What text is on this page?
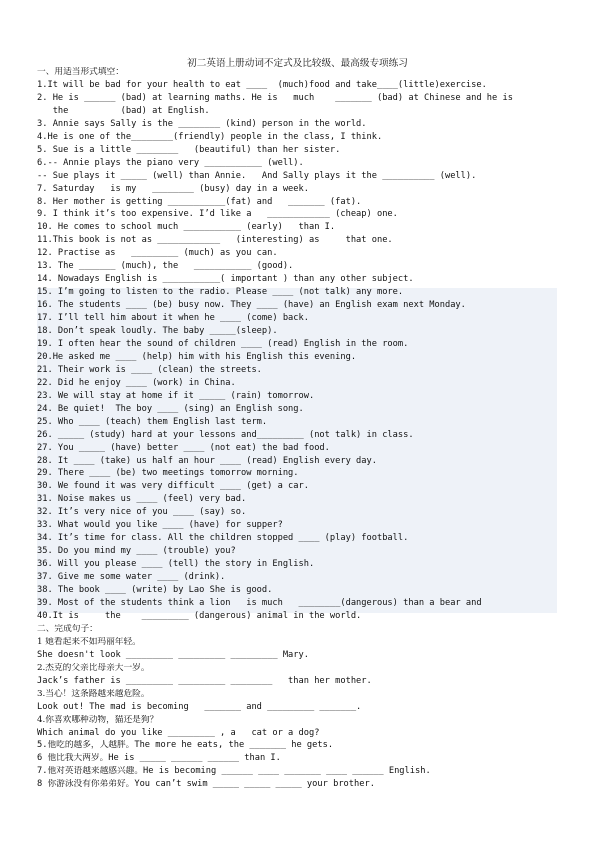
初二英语上册动词不定式及比较级、最高级专项练习
一、用适当形式填空：
1.It will be bad for your health to eat ____  (much)food and take____(little)exercise.
2. He is ______ (bad) at learning maths. He is   much    _______ (bad) at Chinese and he is
the          (bad) at English.
3. Annie says Sally is the ________ (kind) person in the world.
4.He is one of the________(friendly) people in the class, I think.
5. Sue is a little ________   (beautiful) than her sister.
6.-- Annie plays the piano very ___________ (well).
-- Sue plays it _____ (well) than Annie.   And Sally plays it the __________ (well).
7. Saturday   is my   ________ (busy) day in a week.
8. Her mother is getting ___________(fat) and   _______ (fat).
9. I think it’s too expensive. I’d like a   ____________ (cheap) one.
10. He comes to school much ___________ (early)   than I.
11.This book is not as ____________   (interesting) as     that one.
12. Practise as   _________ (much) as you can.
13. The _______ (much), the   ___________ (good).
14. Nowadays English is ___________( important ) than any other subject.
15. I’m going to listen to the radio. Please ____ (not talk) any more.
16. The students ____ (be) busy now. They ____ (have) an English exam next Monday.
17. I’ll tell him about it when he ____ (come) back.
18. Don’t speak loudly. The baby _____(sleep).
19. I often hear the sound of children ____ (read) English in the room.
20.He asked me ____ (help) him with his English this evening.
21. Their work is ____ (clean) the streets.
22. Did he enjoy ____ (work) in China.
23. We will stay at home if it _____ (rain) tomorrow.
24. Be quiet!  The boy ____ (sing) an English song.
25. Who ____ (teach) them English last term.
26. _____ (study) hard at your lessons and_________ (not talk) in class.
27. You _____ (have) better ____ (not eat) the bad food.
28. It ____ (take) us half an hour ____ (read) English every day.
29. There ____ (be) two meetings tomorrow morning.
30. We found it was very difficult ____ (get) a car.
31. Noise makes us ____ (feel) very bad.
32. It’s very nice of you ____ (say) so.
33. What would you like ____ (have) for supper?
34. It’s time for class. All the children stopped ____ (play) football.
35. Do you mind my ____ (trouble) you?
36. Will you please ____ (tell) the story in English.
37. Give me some water ____ (drink).
38. The book ____ (write) by Lao She is good.
39. Most of the students think a lion   is much   ________(dangerous) than a bear and
40.It is     the    _________ (dangerous) animal in the world.
二、完成句子：
1 她看起来不如玛丽年轻。
She doesn't look _________ _________ _________ Mary.
2.杰克的父亲比母亲大一岁。
Jack’s father is _________ _________ ________   than her mother.
3.当心！这条路越来越危险。
Look out! The mad is becoming   _______ and _________ _______.
4.你喜欢哪种动物，猫还是狗？
Which animal do you like _________ , a   cat or a dog?
5.他吃的越多，人越胖。The more he eats, the _______ he gets.
6 他比我大两岁。He is _____ ______ ______ than I.
7.他对英语越来越感兴趣。He is becoming ______ ____ _______ ____ ______ English.
8 你游泳没有你弟弟好。You can’t swim _____ _____ _____ your brother.
